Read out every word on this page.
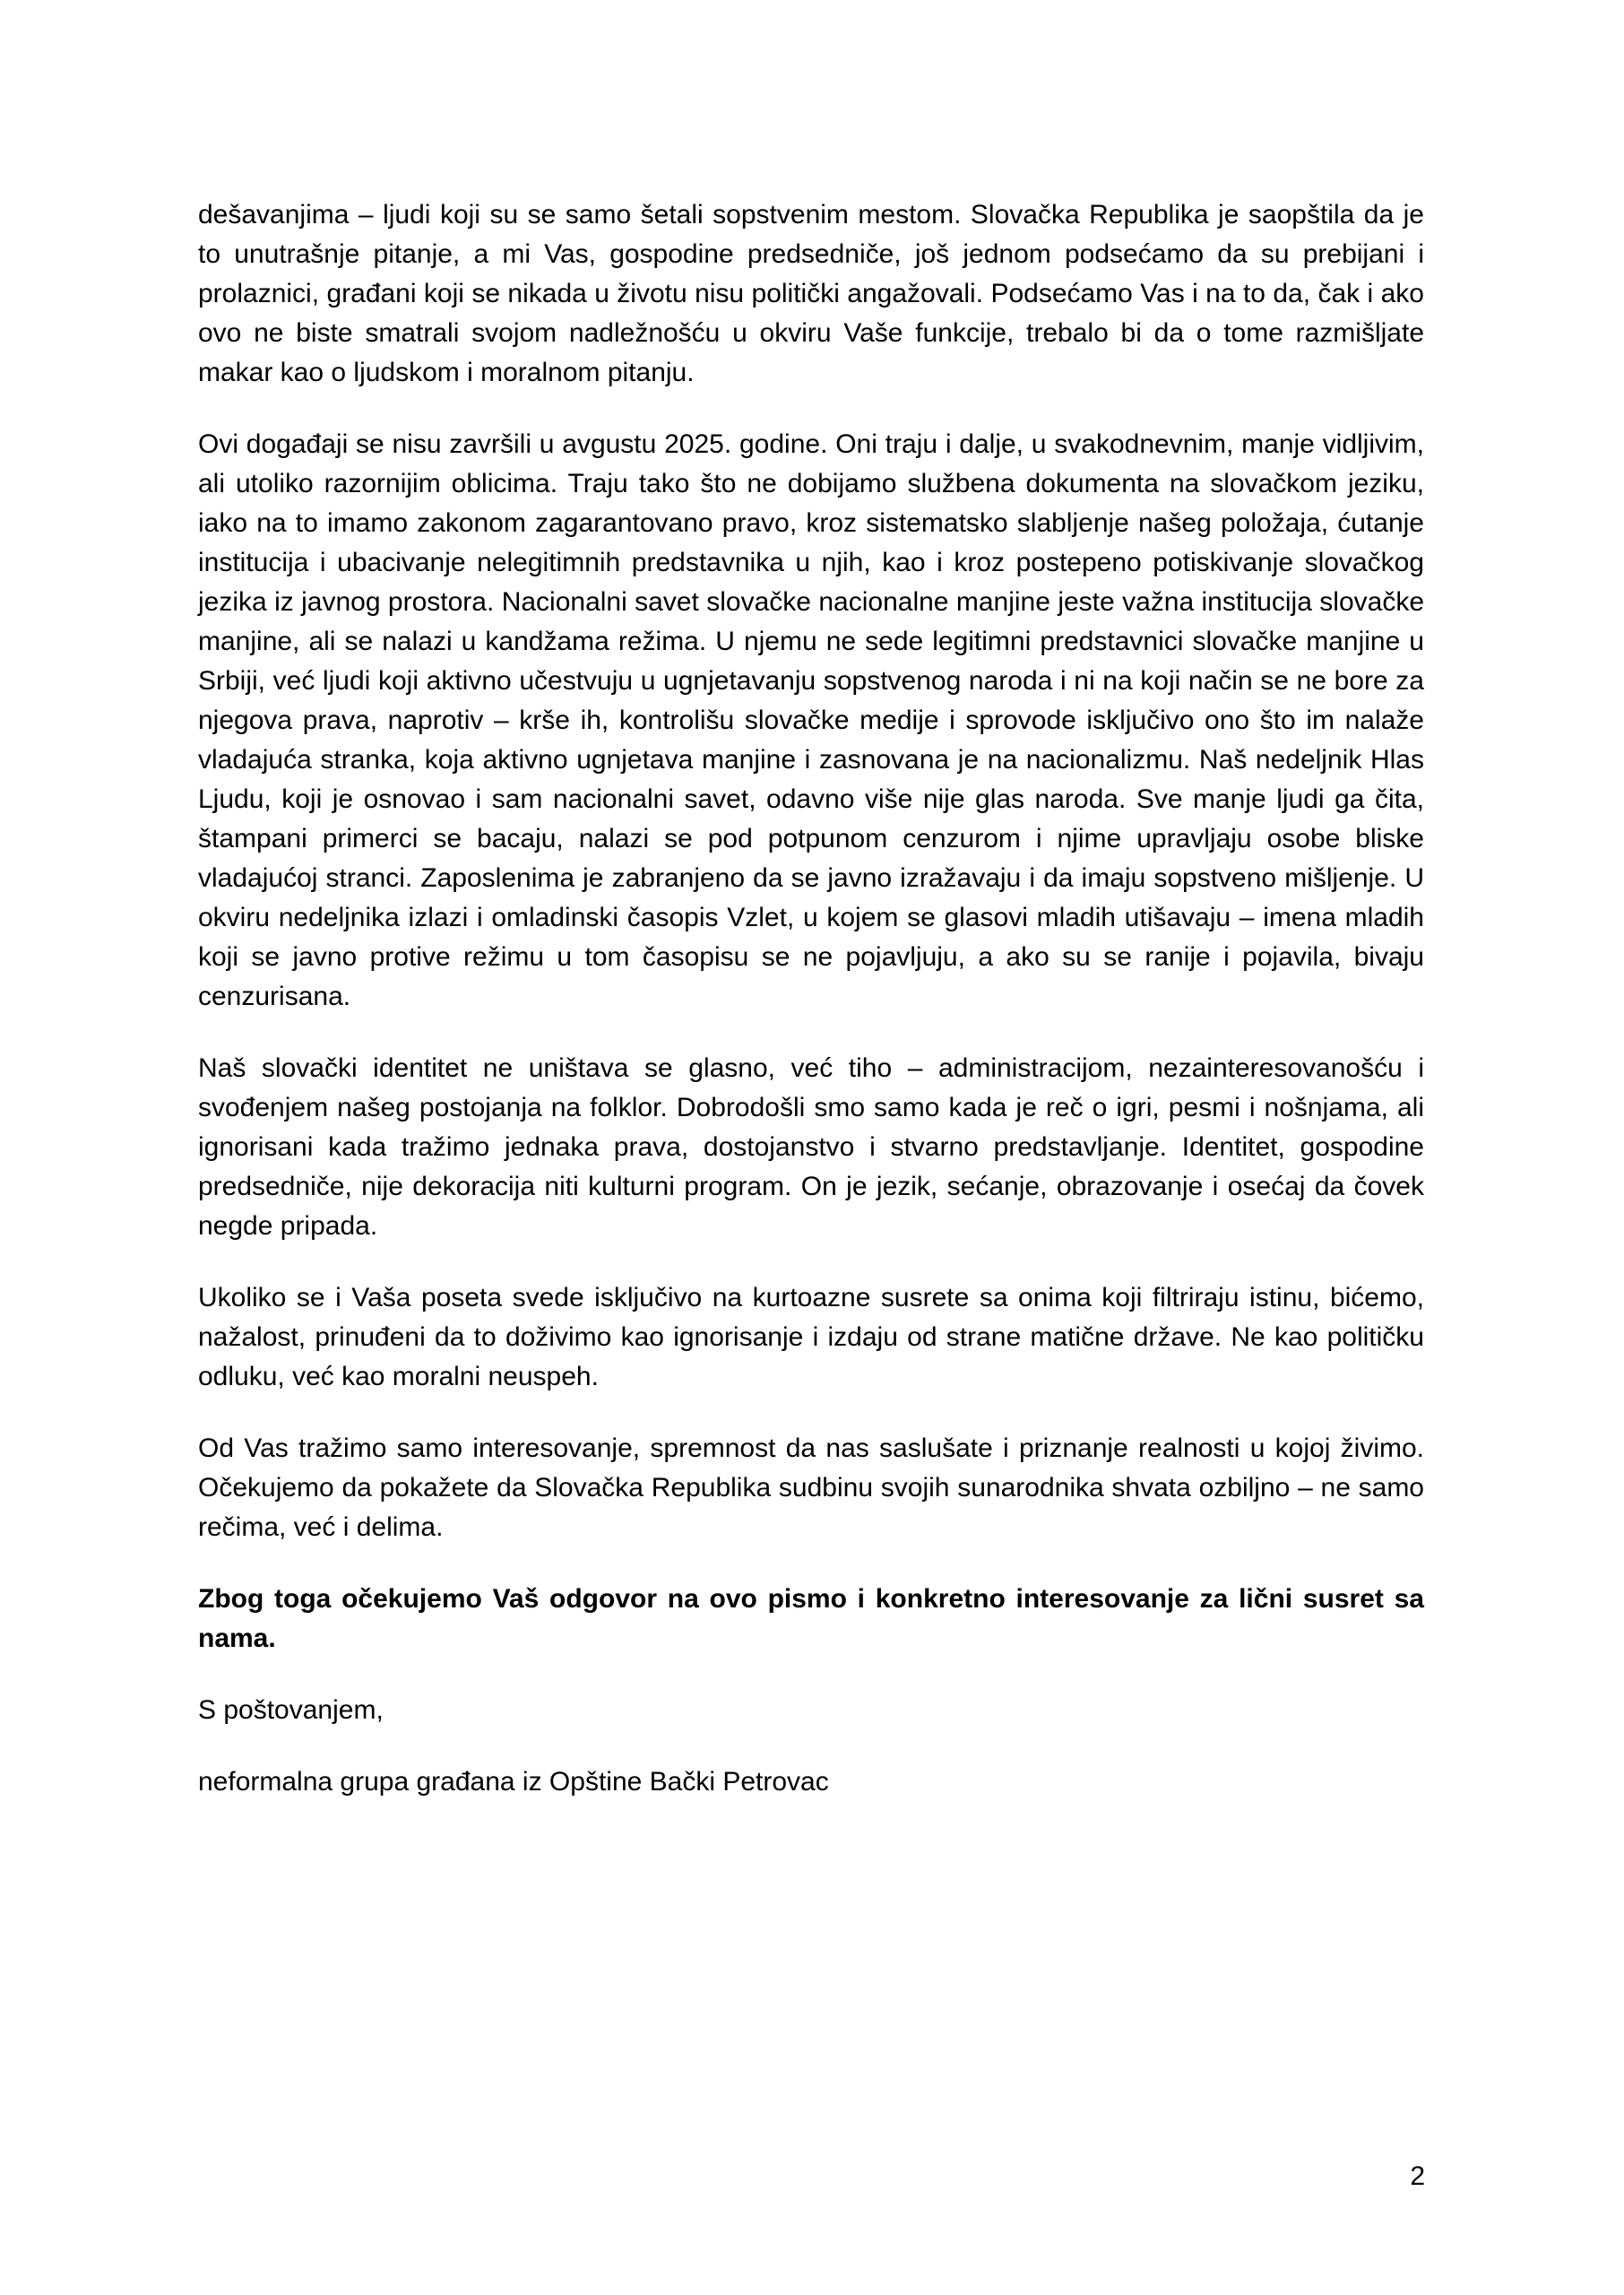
dešavanjima – ljudi koji su se samo šetali sopstvenim mestom. Slovačka Republika je saopštila da je to unutrašnje pitanje, a mi Vas, gospodine predsedniče, još jednom podsećamo da su prebijani i prolaznici, građani koji se nikada u životu nisu politički angažovali. Podsećamo Vas i na to da, čak i ako ovo ne biste smatrali svojom nadležnošću u okviru Vaše funkcije, trebalo bi da o tome razmišljate makar kao o ljudskom i moralnom pitanju.

Ovi događaji se nisu završili u avgustu 2025. godine. Oni traju i dalje, u svakodnevnim, manje vidljivim, ali utoliko razornijim oblicima. Traju tako što ne dobijamo službena dokumenta na slovačkom jeziku, iako na to imamo zakonom zagarantovano pravo, kroz sistematsko slabljenje našeg položaja, ćutanje institucija i ubacivanje nelegitimnih predstavnika u njih, kao i kroz postepeno potiskivanje slovačkog jezika iz javnog prostora. Nacionalni savet slovačke nacionalne manjine jeste važna institucija slovačke manjine, ali se nalazi u kandžama režima. U njemu ne sede legitimni predstavnici slovačke manjine u Srbiji, već ljudi koji aktivno učestvuju u ugnjetavanju sopstvenog naroda i ni na koji način se ne bore za njegova prava, naprotiv – krše ih, kontrolišu slovačke medije i sprovode isključivo ono što im nalaže vladajuća stranka, koja aktivno ugnjetava manjine i zasnovana je na nacionalizmu. Naš nedeljnik Hlas Ljudu, koji je osnovao i sam nacionalni savet, odavno više nije glas naroda. Sve manje ljudi ga čita, štampani primerci se bacaju, nalazi se pod potpunom cenzurom i njime upravljaju osobe bliske vladajućoj stranci. Zaposlenima je zabranjeno da se javno izražavaju i da imaju sopstveno mišljenje. U okviru nedeljnika izlazi i omladinski časopis Vzlet, u kojem se glasovi mladih utišavaju – imena mladih koji se javno protive režimu u tom časopisu se ne pojavljuju, a ako su se ranije i pojavila, bivaju cenzurisana.

Naš slovački identitet ne uništava se glasno, već tiho – administracijom, nezainteresovanošću i svođenjem našeg postojanja na folklor. Dobrodošli smo samo kada je reč o igri, pesmi i nošnjama, ali ignorisani kada tražimo jednaka prava, dostojanstvo i stvarno predstavljanje. Identitet, gospodine predsedniče, nije dekoracija niti kulturni program. On je jezik, sećanje, obrazovanje i osećaj da čovek negde pripada.

Ukoliko se i Vaša poseta svede isključivo na kurtoazne susrete sa onima koji filtriraju istinu, bićemo, nažalost, prinuđeni da to doživimo kao ignorisanje i izdaju od strane matične države. Ne kao političku odluku, već kao moralni neuspeh.

Od Vas tražimo samo interesovanje, spremnost da nas saslušate i priznanje realnosti u kojoj živimo. Očekujemo da pokažete da Slovačka Republika sudbinu svojih sunarodnika shvata ozbiljno – ne samo rečima, već i delima.

Zbog toga očekujemo Vaš odgovor na ovo pismo i konkretno interesovanje za lični susret sa nama.

S poštovanjem,

neformalna grupa građana iz Opštine Bački Petrovac

2
